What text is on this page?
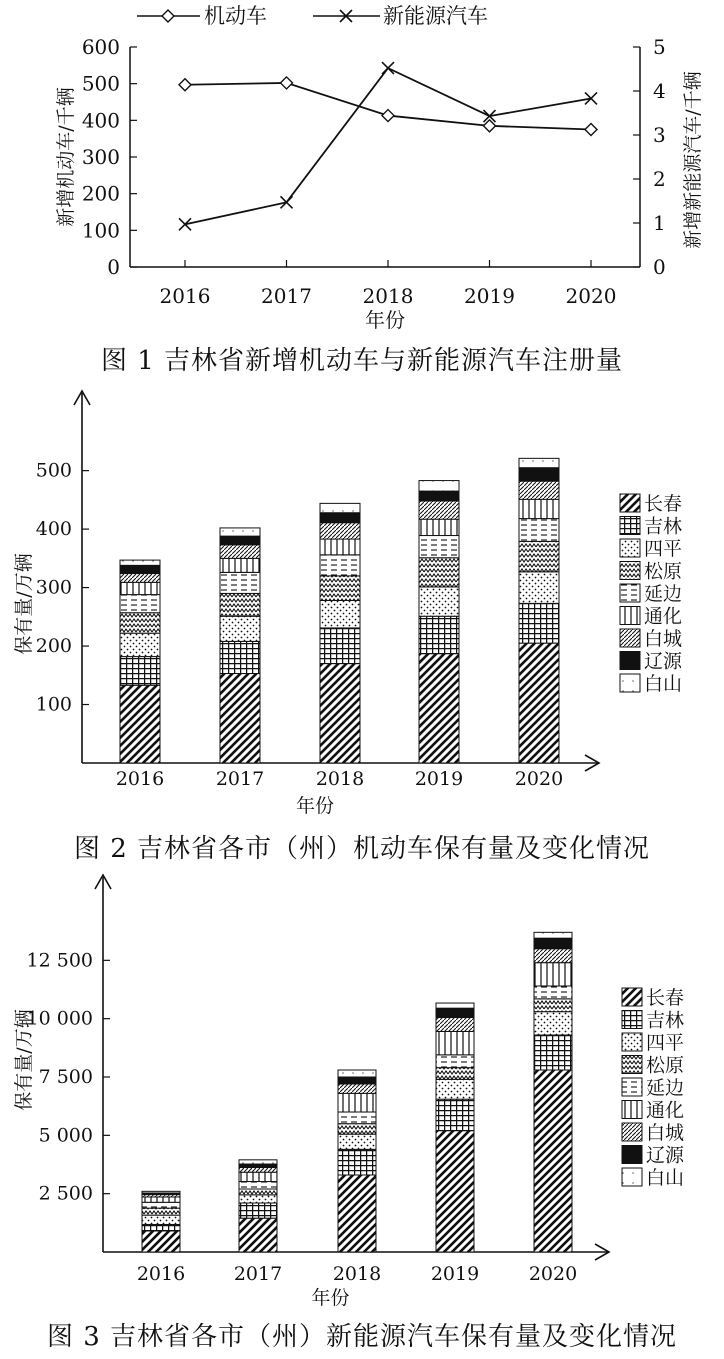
0
100
200
300
400
500
600
0
1
2
3
4
5
2016	2017	2018	2019	2020
年份
新增机动车/千辆	新增新能源汽车/千辆
机动车	新能源汽车
图 1 吉林省新增机动车与新能源汽车注册量
100
200
300
400
500
2016	2017	2018	2019	2020
年份
保有量/万辆
长春
吉林
四平
松原
延边
通化
白城
辽源
白山
图 2 吉林省各市（州）机动车保有量及变化情况
2 500
5 000
7 500
10 000
12 500
2016	2017	2018	2019	2020
年份
保有量/万辆
长春
吉林
四平
松原
延边
通化
白城
辽源
白山
图 3 吉林省各市（州）新能源汽车保有量及变化情况
